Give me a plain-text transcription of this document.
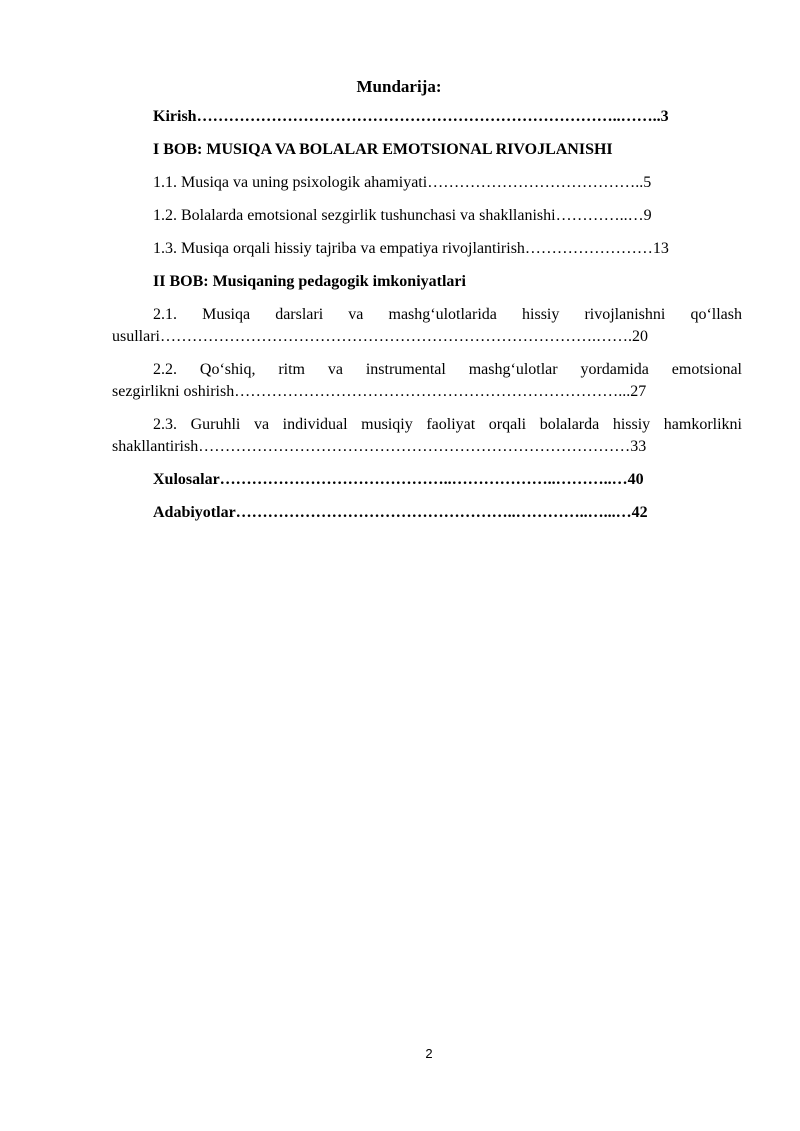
Mundarija:

Kirish……………………………………………………………………..……..3

I BOB: MUSIQA VA BOLALAR EMOTSIONAL RIVOJLANISHI

1.1. Musiqa va uning psixologik ahamiyati…………………………………..5

1.2. Bolalarda emotsional sezgirlik tushunchasi va shakllanishi…………..…9

1.3. Musiqa orqali hissiy tajriba va empatiya rivojlantirish……………………13

II BOB: Musiqaning pedagogik imkoniyatlari

2.1. Musiqa darslari va mashg‘ulotlarida hissiy rivojlanishni qo‘llash
usullari……………………………………………………………………….…….20

2.2. Qo‘shiq, ritm va instrumental mashg‘ulotlar yordamida emotsional
sezgirlikni oshirish………………………………………………………………...27

2.3. Guruhli va individual musiqiy faoliyat orqali bolalarda hissiy hamkorlikni
shakllantirish………………………………………………………………………33

Xulosalar……………………………………..………………..………..…40

Adabiyotlar……………………………………………..…………..…...…42

2
